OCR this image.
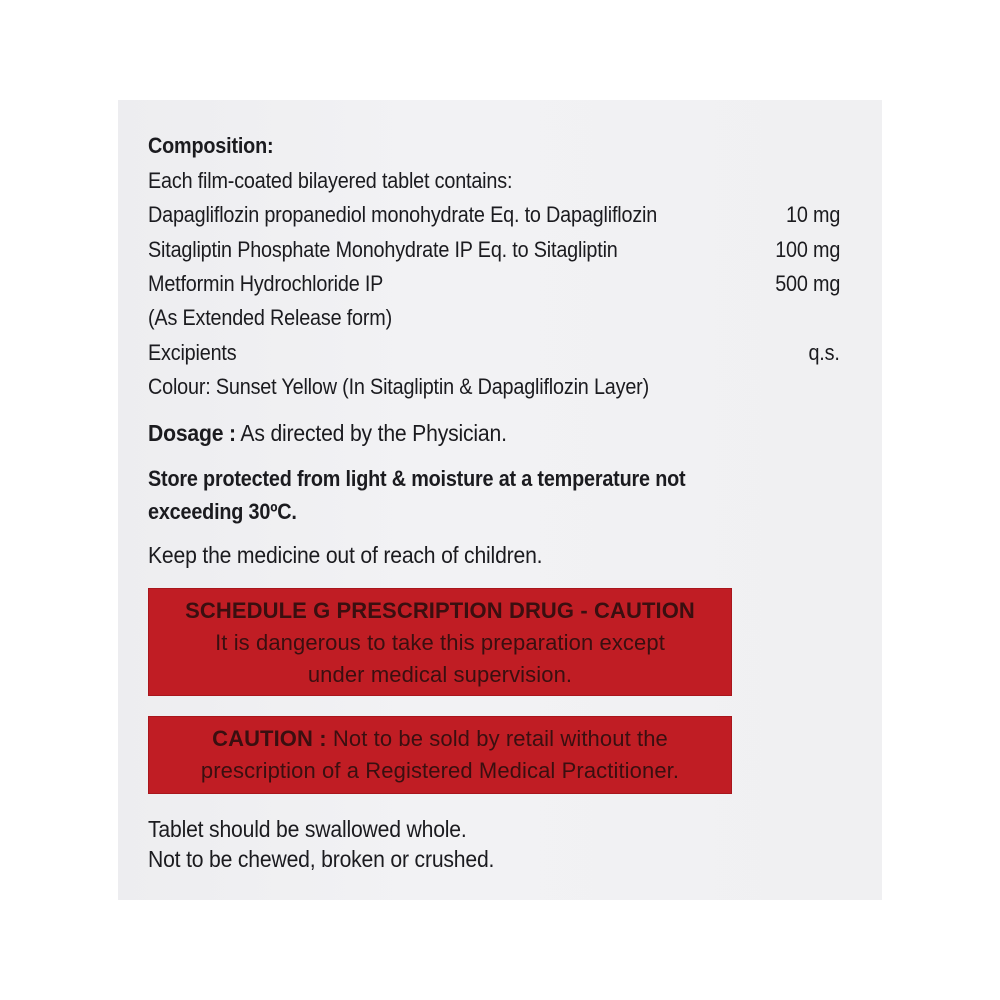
Composition:
Each film-coated bilayered tablet contains:
Dapagliflozin propanediol monohydrate Eq. to Dapagliflozin	10 mg
Sitagliptin Phosphate Monohydrate IP Eq. to Sitagliptin	100 mg
Metformin Hydrochloride IP	500 mg
(As Extended Release form)
Excipients	q.s.
Colour: Sunset Yellow (In Sitagliptin & Dapagliflozin Layer)
Dosage : As directed by the Physician.
Store protected from light & moisture at a temperature not
exceeding 30ºC.
Keep the medicine out of reach of children.
SCHEDULE G PRESCRIPTION DRUG - CAUTION
It is dangerous to take this preparation except
under medical supervision.
CAUTION : Not to be sold by retail without the
prescription of a Registered Medical Practitioner.
Tablet should be swallowed whole.
Not to be chewed, broken or crushed.
